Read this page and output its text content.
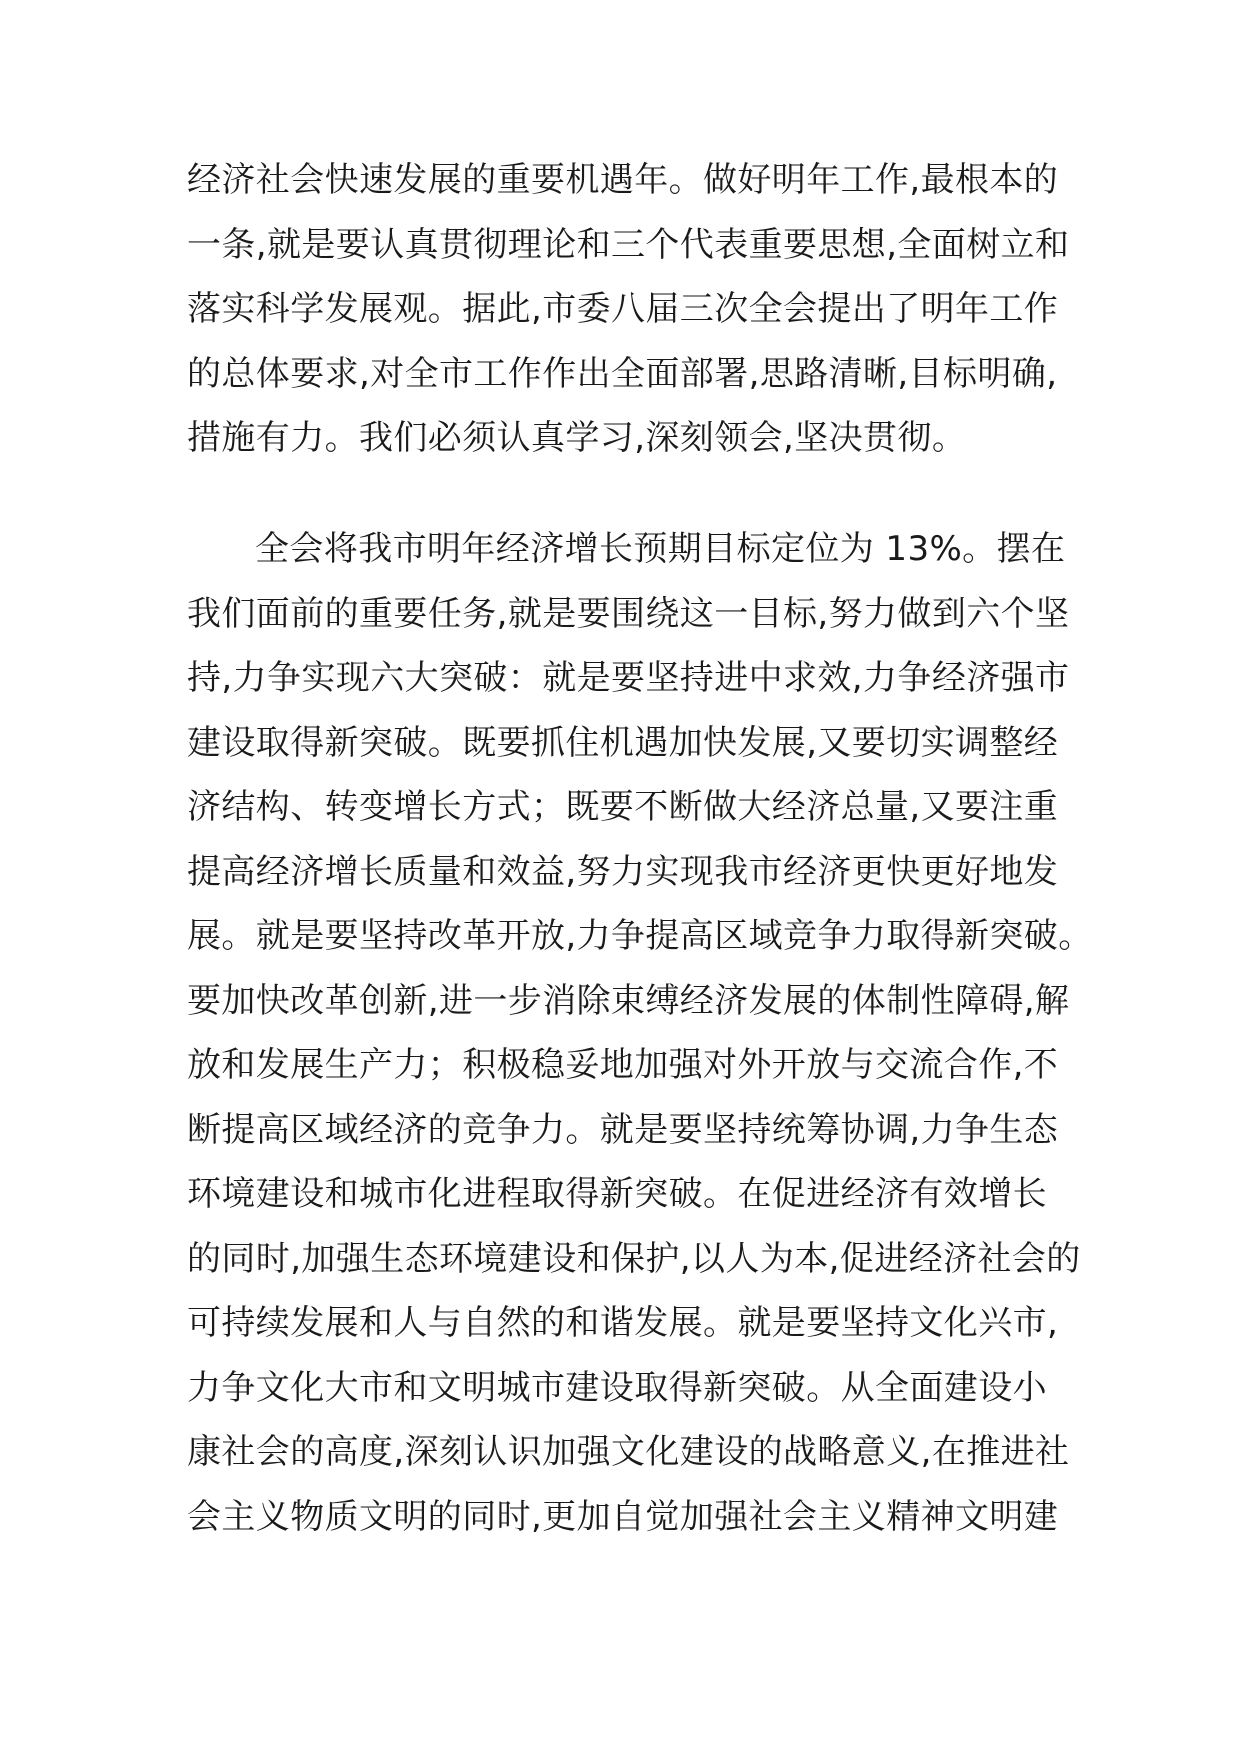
经济社会快速发展的重要机遇年。做好明年工作,最根本的
一条,就是要认真贯彻理论和三个代表重要思想,全面树立和
落实科学发展观。据此,市委八届三次全会提出了明年工作
的总体要求,对全市工作作出全面部署,思路清晰,目标明确,
措施有力。我们必须认真学习,深刻领会,坚决贯彻。
全会将我市明年经济增长预期目标定位为 13%。摆在
我们面前的重要任务,就是要围绕这一目标,努力做到六个坚
持,力争实现六大突破：就是要坚持进中求效,力争经济强市
建设取得新突破。既要抓住机遇加快发展,又要切实调整经
济结构、转变增长方式；既要不断做大经济总量,又要注重
提高经济增长质量和效益,努力实现我市经济更快更好地发
展。就是要坚持改革开放,力争提高区域竞争力取得新突破。
要加快改革创新,进一步消除束缚经济发展的体制性障碍,解
放和发展生产力；积极稳妥地加强对外开放与交流合作,不
断提高区域经济的竞争力。就是要坚持统筹协调,力争生态
环境建设和城市化进程取得新突破。在促进经济有效增长
的同时,加强生态环境建设和保护,以人为本,促进经济社会的
可持续发展和人与自然的和谐发展。就是要坚持文化兴市,
力争文化大市和文明城市建设取得新突破。从全面建设小
康社会的高度,深刻认识加强文化建设的战略意义,在推进社
会主义物质文明的同时,更加自觉加强社会主义精神文明建
